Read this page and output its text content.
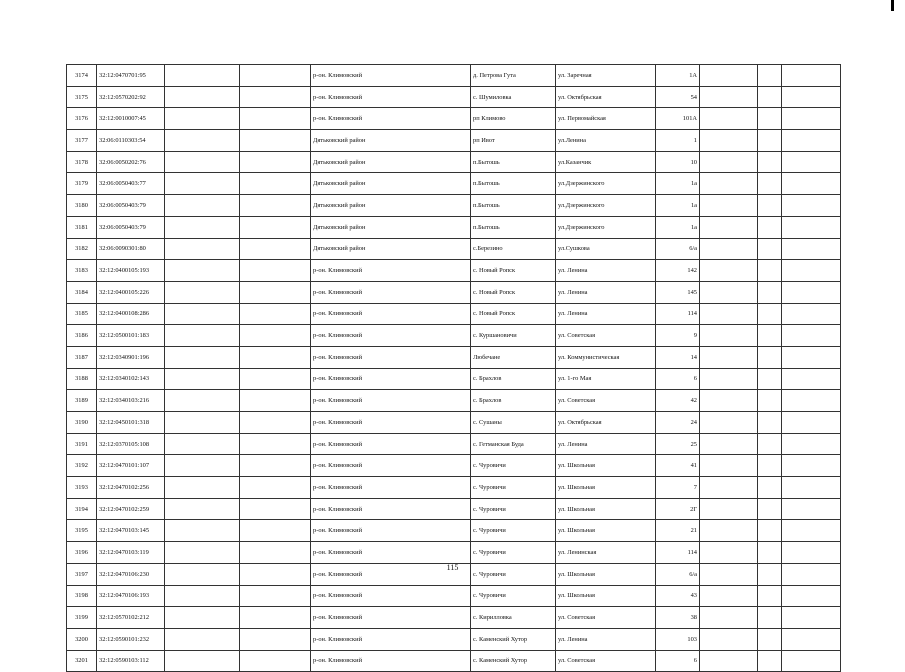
3174	32:12:0470701:95			р-он. Климовский	д. Петрова Гута	ул. Заречная	1А			
3175	32:12:0570202:92			р-он. Климовский	с. Шумиловка	ул. Октябрьская	54			
3176	32:12:0010007:45			р-он. Климовский	рп Климово	ул. Первомайская	101А			
3177	32:06:0110303:54			Дятьковский район	рп Ивот	ул.Ленина	1			
3178	32:06:0050202:76			Дятьковский район	п.Бытошь	ул.Казанчик	10			
3179	32:06:0050403:77			Дятьковский район	п.Бытошь	ул.Дзержинского	1а			
3180	32:06:0050403:79			Дятьковский район	п.Бытошь	ул.Дзержинского	1а			
3181	32:06:0050403:79			Дятьковский район	п.Бытошь	ул.Дзержинского	1а			
3182	32:06:0090301:80			Дятьковский район	с.Березино	ул.Сушкова	6/а			
3183	32:12:0400105:193			р-он. Климовский	с. Новый Ропск	ул. Ленина	142			
3184	32:12:0400105:226			р-он. Климовский	с. Новый Ропск	ул. Ленина	145			
3185	32:12:0400108:286			р-он. Климовский	с. Новый Ропск	ул. Ленина	114			
3186	32:12:0500101:183			р-он. Климовский	с. Куршановичи	ул. Советская	9			
3187	32:12:0340901:196			р-он. Климовский	Любечане	ул. Коммунистическая	14			
3188	32:12:0340102:143			р-он. Климовский	с. Брахлов	ул. 1-го Мая	6			
3189	32:12:0340103:216			р-он. Климовский	с. Брахлов	ул. Советская	42			
3190	32:12:0450101:318			р-он. Климовский	с. Сушаны	ул. Октябрьская	24			
3191	32:12:0370105:108			р-он. Климовский	с. Гетманская Буда	ул. Ленина	25			
3192	32:12:0470101:107			р-он. Климовский	с. Чуровичи	ул. Школьная	41			
3193	32:12:0470102:256			р-он. Климовский	с. Чуровичи	ул. Школьная	7			
3194	32:12:0470102:259			р-он. Климовский	с. Чуровичи	ул. Школьная	2Г			
3195	32:12:0470103:145			р-он. Климовский	с. Чуровичи	ул. Школьная	21			
3196	32:12:0470103:119			р-он. Климовский	с. Чуровичи	ул. Ленинская	114			
3197	32:12:0470106:230			р-он. Климовский	с. Чуровичи	ул. Школьная	6/а			
3198	32:12:0470106:193			р-он. Климовский	с. Чуровичи	ул. Школьная	43			
3199	32:12:0570102:212			р-он. Климовский	с. Кирилловка	ул. Советская	38			
3200	32:12:0590101:232			р-он. Климовский	с. Каменский Хутор	ул. Ленина	103			
3201	32:12:0590103:112			р-он. Климовский	с. Каменский Хутор	ул. Советская	6			
115
